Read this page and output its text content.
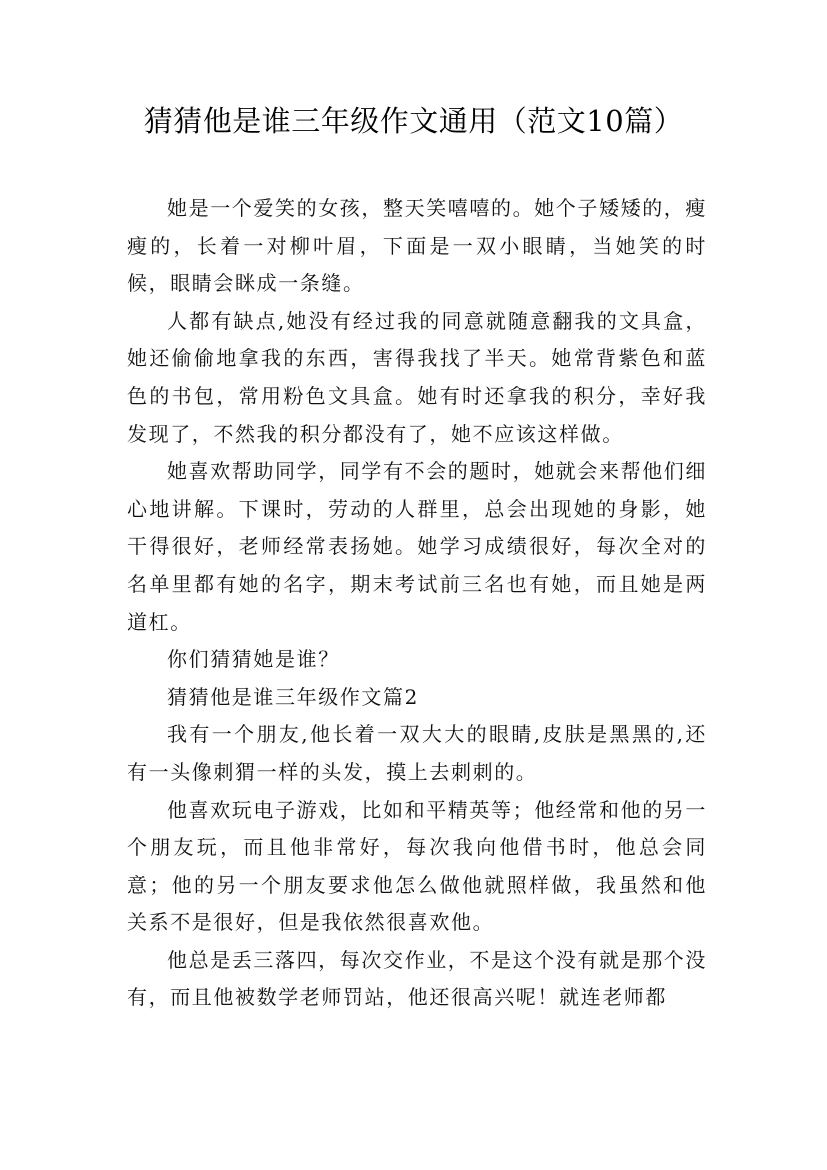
猜猜他是谁三年级作文通用（范文10篇）

她是一个爱笑的女孩，整天笑嘻嘻的。她个子矮矮的，瘦瘦的，长着一对柳叶眉，下面是一双小眼睛，当她笑的时候，眼睛会眯成一条缝。

人都有缺点,她没有经过我的同意就随意翻我的文具盒，她还偷偷地拿我的东西，害得我找了半天。她常背紫色和蓝色的书包，常用粉色文具盒。她有时还拿我的积分，幸好我发现了，不然我的积分都没有了，她不应该这样做。

她喜欢帮助同学，同学有不会的题时，她就会来帮他们细心地讲解。下课时，劳动的人群里，总会出现她的身影，她干得很好，老师经常表扬她。她学习成绩很好，每次全对的名单里都有她的名字，期末考试前三名也有她，而且她是两道杠。

你们猜猜她是谁？

猜猜他是谁三年级作文篇2

我有一个朋友,他长着一双大大的眼睛,皮肤是黑黑的,还有一头像刺猬一样的头发，摸上去刺刺的。

他喜欢玩电子游戏，比如和平精英等；他经常和他的另一个朋友玩，而且他非常好，每次我向他借书时，他总会同意；他的另一个朋友要求他怎么做他就照样做，我虽然和他关系不是很好，但是我依然很喜欢他。

他总是丢三落四，每次交作业，不是这个没有就是那个没有，而且他被数学老师罚站，他还很高兴呢！就连老师都
